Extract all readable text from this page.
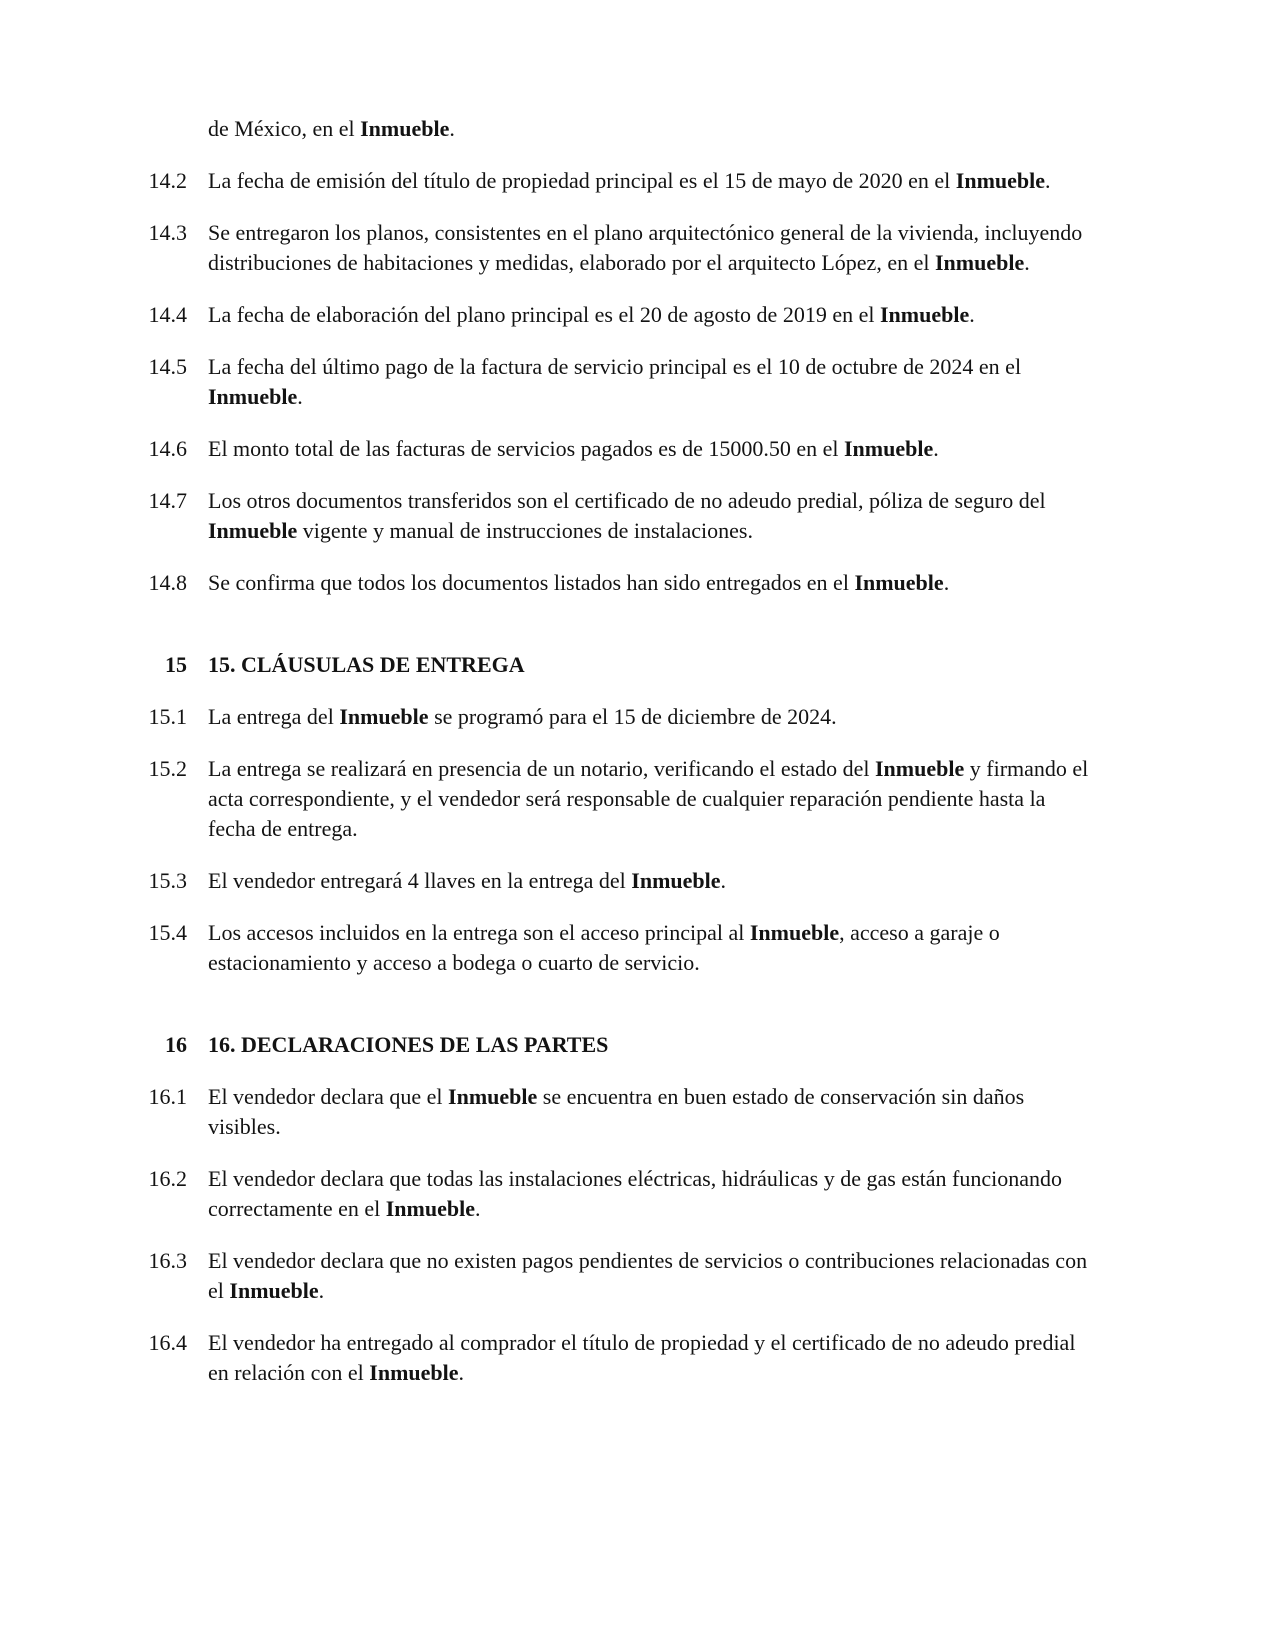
de México, en el Inmueble.
14.2 La fecha de emisión del título de propiedad principal es el 15 de mayo de 2020 en el Inmueble.
14.3 Se entregaron los planos, consistentes en el plano arquitectónico general de la vivienda, incluyendo distribuciones de habitaciones y medidas, elaborado por el arquitecto López, en el Inmueble.
14.4 La fecha de elaboración del plano principal es el 20 de agosto de 2019 en el Inmueble.
14.5 La fecha del último pago de la factura de servicio principal es el 10 de octubre de 2024 en el Inmueble.
14.6 El monto total de las facturas de servicios pagados es de 15000.50 en el Inmueble.
14.7 Los otros documentos transferidos son el certificado de no adeudo predial, póliza de seguro del Inmueble vigente y manual de instrucciones de instalaciones.
14.8 Se confirma que todos los documentos listados han sido entregados en el Inmueble.
15 15. CLÁUSULAS DE ENTREGA
15.1 La entrega del Inmueble se programó para el 15 de diciembre de 2024.
15.2 La entrega se realizará en presencia de un notario, verificando el estado del Inmueble y firmando el acta correspondiente, y el vendedor será responsable de cualquier reparación pendiente hasta la fecha de entrega.
15.3 El vendedor entregará 4 llaves en la entrega del Inmueble.
15.4 Los accesos incluidos en la entrega son el acceso principal al Inmueble, acceso a garaje o estacionamiento y acceso a bodega o cuarto de servicio.
16 16. DECLARACIONES DE LAS PARTES
16.1 El vendedor declara que el Inmueble se encuentra en buen estado de conservación sin daños visibles.
16.2 El vendedor declara que todas las instalaciones eléctricas, hidráulicas y de gas están funcionando correctamente en el Inmueble.
16.3 El vendedor declara que no existen pagos pendientes de servicios o contribuciones relacionadas con el Inmueble.
16.4 El vendedor ha entregado al comprador el título de propiedad y el certificado de no adeudo predial en relación con el Inmueble.
